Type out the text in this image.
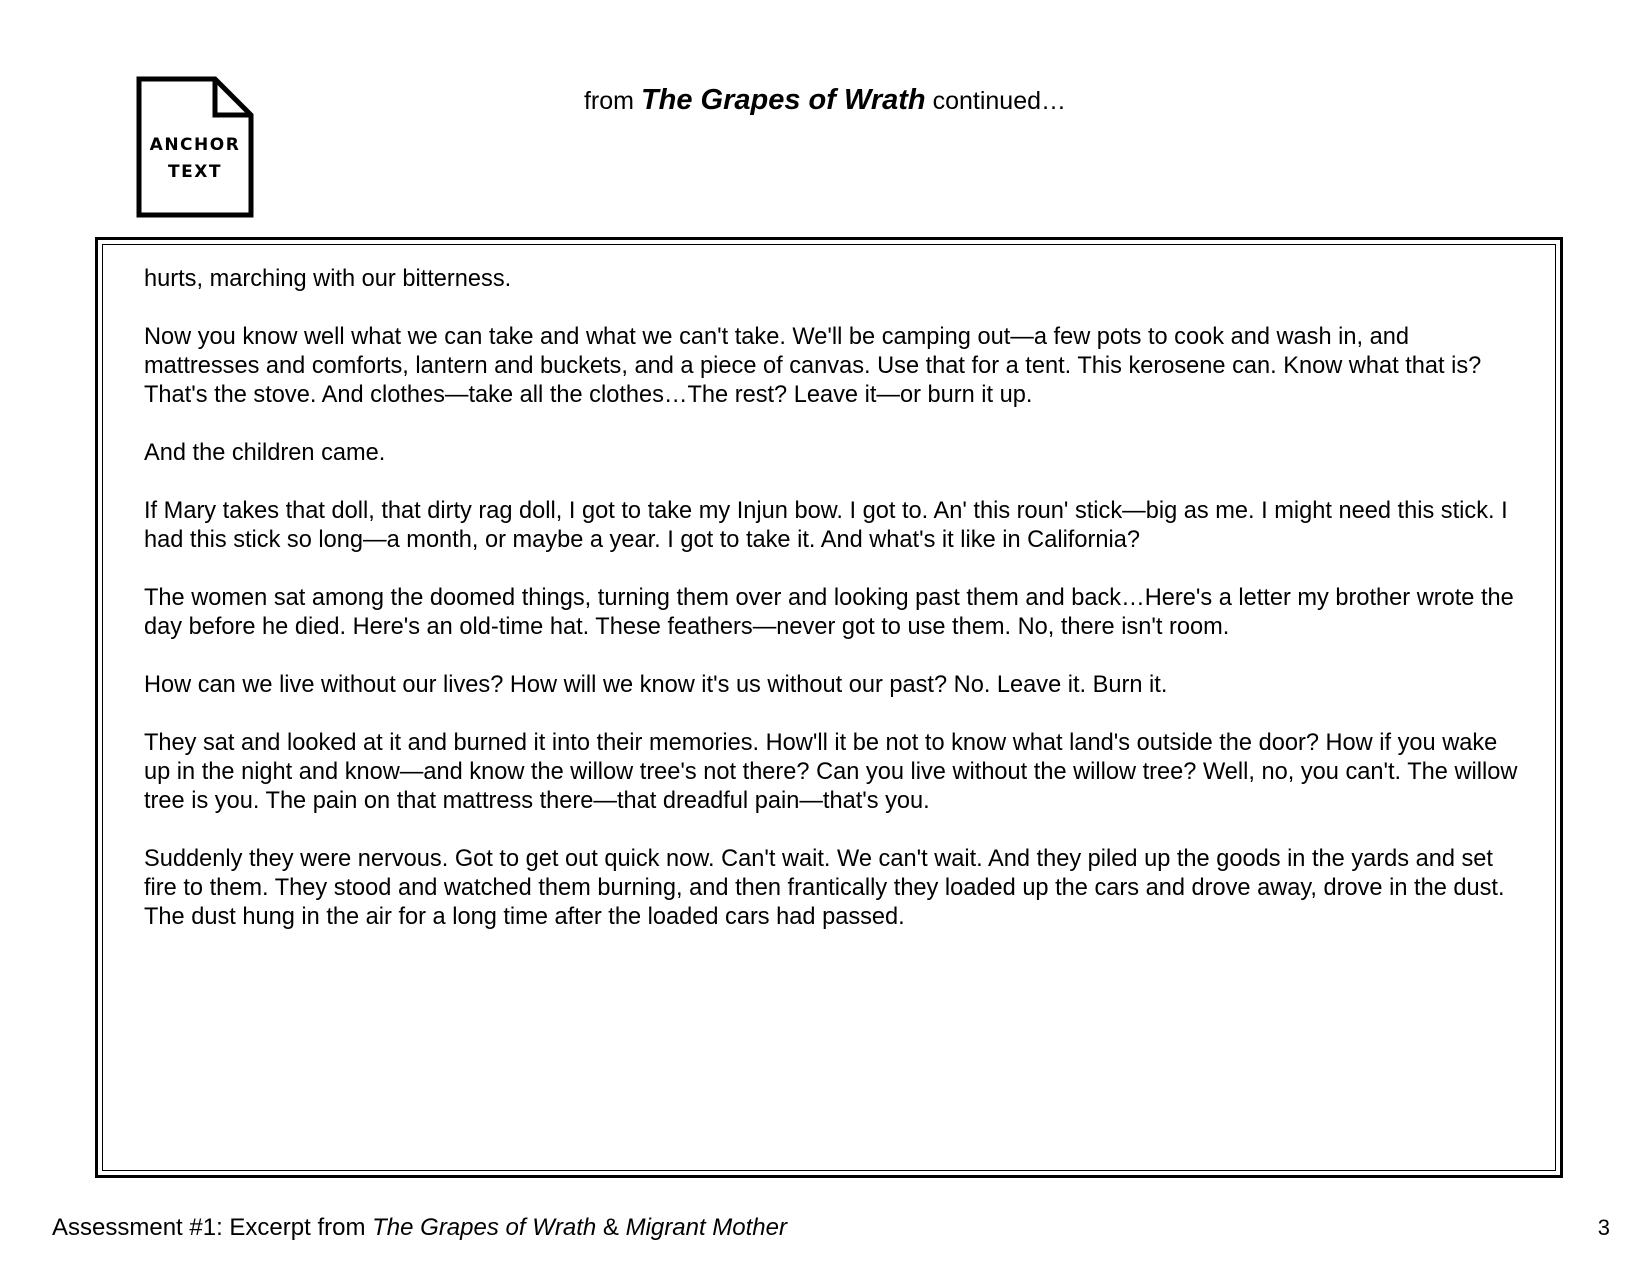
ANCHOR
TEXT
from The Grapes of Wrath continued…

hurts, marching with our bitterness.

Now you know well what we can take and what we can't take. We'll be camping out—a few pots to cook and wash in, and mattresses and comforts, lantern and buckets, and a piece of canvas. Use that for a tent. This kerosene can. Know what that is? That's the stove. And clothes—take all the clothes…The rest? Leave it—or burn it up.

And the children came.

If Mary takes that doll, that dirty rag doll, I got to take my Injun bow. I got to. An' this roun' stick—big as me. I might need this stick. I had this stick so long—a month, or maybe a year. I got to take it. And what's it like in California?

The women sat among the doomed things, turning them over and looking past them and back…Here's a letter my brother wrote the day before he died. Here's an old-time hat. These feathers—never got to use them. No, there isn't room.

How can we live without our lives? How will we know it's us without our past? No. Leave it. Burn it.

They sat and looked at it and burned it into their memories. How'll it be not to know what land's outside the door? How if you wake up in the night and know—and know the willow tree's not there? Can you live without the willow tree? Well, no, you can't. The willow tree is you. The pain on that mattress there—that dreadful pain—that's you.

Suddenly they were nervous. Got to get out quick now. Can't wait. We can't wait. And they piled up the goods in the yards and set fire to them. They stood and watched them burning, and then frantically they loaded up the cars and drove away, drove in the dust. The dust hung in the air for a long time after the loaded cars had passed.

Assessment #1: Excerpt from The Grapes of Wrath & Migrant Mother	3
